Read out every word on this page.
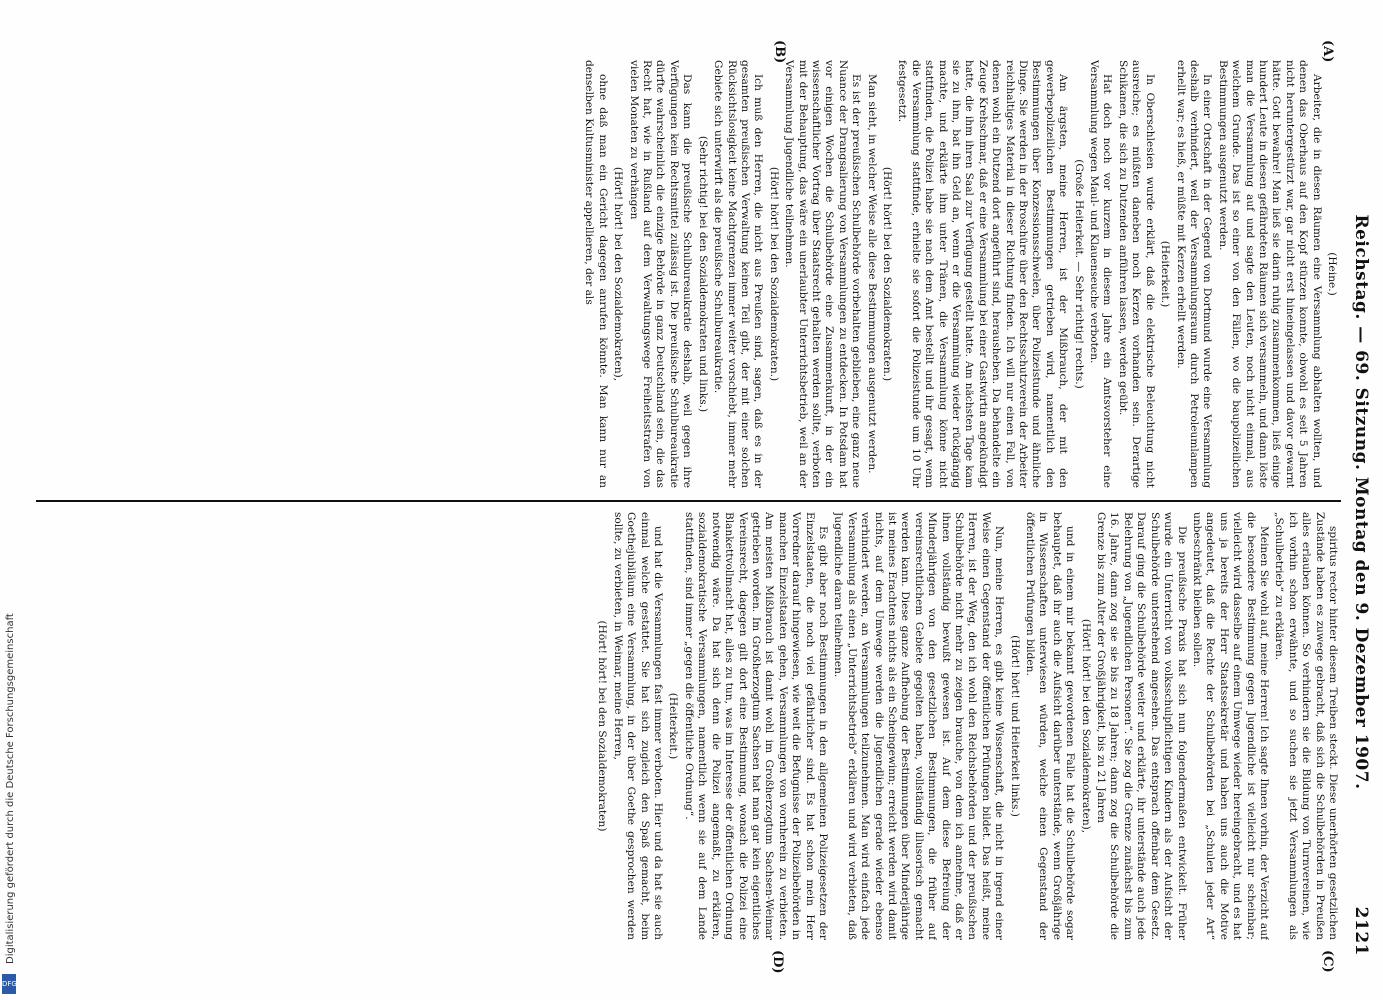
Reichstag. — 69. Sitzung. Montag den 9. Dezember 1907.
2121
(A)
(B)
(C)
(D)

(Heine.)

Arbeiter, die in diesen Räumen eine Versammlung abhalten wollten, und denen das Oberhaus auf den Kopf stürzen konnte, obwohl es seit 5 Jahren nicht heruntergestürzt war, gar nicht erst hineingelassen und davor gewarnt hätte. Gott bewahre! Man ließ sie darin ruhig zusammenkommen, ließ einige hundert Leute in diesen gefährdeten Räumen sich versammeln, und dann löste man die Versammlung auf und sagte den Leuten, noch nicht einmal, aus welchem Grunde. Das ist so einer von den Fällen, wo die baupolizeilichen Bestimmungen ausgenutzt werden.

In einer Ortschaft in der Gegend von Dortmund wurde eine Versammlung deshalb verhindert, weil der Versammlungsraum durch Petroleumlampen erhellt war; es hieß, er müßte mit Kerzen erhellt werden.

(Heiterkeit.)

In Oberschlesien wurde erklärt, daß die elektrische Beleuchtung nicht ausreiche; es müßten daneben noch Kerzen vorhanden sein. Derartige Schikanen, die sich zu Dutzenden anführen lassen, werden geübt.

Hat doch noch vor kurzem in diesem Jahre ein Amtsvorsteher eine Versammlung wegen Maul- und Klauenseuche verboten.

(Große Heiterkeit. — Sehr richtig! rechts.)

Am ärgsten, meine Herren, ist der Mißbrauch, der mit den gewerbepolizeilichen Bestimmungen getrieben wird, namentlich den Bestimmungen über Konzessionsschwelen, über Polizeistunde und ähnliche Dinge. Sie werden in der Broschüre über den Rechtsschutzverein der Arbeiter reichhaltiges Material in dieser Richtung finden. Ich will nur einen Fall, von denen wohl ein Dutzend dort angeführt sind, herausheben. Da behandelte ein Zeuge Krehschmar, daß er eine Versammlung bei einer Gastwirtin angekündigt hatte, die ihm ihren Saal zur Verfügung gestellt hatte. Am nächsten Tage kam sie zu ihm, bat ihn Geld an, wenn er die Versammlung wieder rückgängig machte, und erklärte ihm unter Tränen, die Versammlung könne nicht stattfinden, die Polizei habe sie nach dem Amt bestellt und ihr gesagt, wenn die Versammlung stattfinde, erhielte sie sofort die Polizeistunde um 10 Uhr festgesetzt.

(Hört! hört! bei den Sozialdemokraten.)

Man sieht, in welcher Weise alle diese Bestimmungen ausgenutzt werden.

Es ist der preußischen Schulbehörde vorbehalten geblieben, eine ganz neue Nuance der Drangsalierung von Versammlungen zu entdecken. In Potsdam hat vor einigen Wochen die Schulbehörde eine Zusammenkunft, in der ein wissenschaftlicher Vortrag über Staatsrecht gehalten werden sollte, verboten mit der Behauptung, das wäre ein unerlaubter Unterrichtsbetrieb, weil an der Versammlung Jugendliche teilnehmen.

(Hört! hört! bei den Sozialdemokraten.)

Ich muß den Herren, die nicht aus Preußen sind, sagen, daß es in der gesamten preußischen Verwaltung keinen Teil gibt, der mit einer solchen Rücksichtslosigkeit keine Machtgrenzen immer weiter vorschiebt, immer mehr Gebiete sich unterwirft als die preußische Schulbureaukratie.

(Sehr richtig! bei den Sozialdemokraten und links.)

Das kann die preußische Schulbureaukratie deshalb, weil gegen ihre Verfügungen kein Rechtsmittel zulässig ist. Die preußische Schulbureaukratie dürfte wahrscheinlich die einzige Behörde in ganz Deutschland sein, die das Recht hat, wie in Rußland auf dem Verwaltungswege Freiheitsstrafen von vielen Monaten zu verhängen

(Hört! hört! bei den Sozialdemokraten),

ohne daß man ein Gericht dagegen anrufen könnte. Man kann nur an denselben Kultusminister appellieren, der als

spiritus rector hinter diesem Treiben steckt. Diese unerhörten gesetzlichen Zustände haben es zuwege gebracht, daß sich die Schulbehörden in Preußen alles erlauben können. So verhindern sie die Bildung von Turnvereinen, wie ich vorhin schon erwähnte, und so suchen sie jetzt Versammlungen als „Schulbetrieb“ zu erklären.

Meinen Sie wohl auf, meine Herren! Ich sagte Ihnen vorhin, der Verzicht auf die besondere Bestimmung gegen Jugendliche ist vielleicht nur scheinbar; vielleicht wird dasselbe auf einem Umwege wieder hereingebracht, und es hat uns ja bereits der Herr Staatssekretär und haben uns auch die Motive angedeutet, daß die Rechte der Schulbehörden bei „Schulen jeder Art“ unbeschränkt bleiben sollen.

Die preußische Praxis hat sich nun folgendermaßen entwickelt. Früher wurde ein Unterricht von volksschulpflichtigen Kindern als der Aufsicht der Schulbehörde unterstehend angesehen. Das entsprach offenbar dem Gesetz. Darauf ging die Schulbehörde weiter und erklärte, ihr unterstände auch jede Belehrung von „Jugendlichen Personen“. Sie zog die Grenze zunächst bis zum 16. Jahre, dann zog sie sie bis zu 18 Jahren; dann zog die Schulbehörde die Grenze bis zum Alter der Großjährigkeit, bis zu 21 Jahren

(Hört! hört! bei den Sozialdemokraten),

und in einem mir bekannt gewordenen Falle hat die Schulbehörde sogar behauptet, daß ihr auch die Aufsicht darüber unterstände, wenn Großjährige in Wissenschaften unterwiesen würden, welche einen Gegenstand der öffentlichen Prüfungen bilden.

(Hört! hört! und Heiterkeit links.)

Nun, meine Herren, es gibt keine Wissenschaft, die nicht in irgend einer Weise einen Gegenstand der öffentlichen Prüfungen bildet. Das heißt, meine Herren, ist der Weg, den ich wohl den Reichsbehörden und der preußischen Schulbehörde nicht mehr zu zeigen brauche, von dem ich annehme, daß er ihnen vollständig bewußt gewesen ist. Auf dem diese Befreiung der Minderjährigen von den gesetzlichen Bestimmungen, die früher auf vereinsrechtlichem Gebiete gegolten haben, vollständig illusorisch gemacht werden kann. Diese ganze Aufhebung der Bestimmungen über Minderjährige ist meines Erachtens nichts als ein Scheingewinn; erreicht werden wird damit nichts, auf dem Umwege werden die Jugendlichen gerade wieder ebenso verhindert werden, an Versammlungen teilzunehmen. Man wird einfach jede Versammlung als einen „Unterrichtsbetrieb“ erklären und wird verbieten, daß Jugendliche daran teilnehmen.

Es gibt aber noch Bestimmungen in den allgemeinen Polizeigesetzen der Einzelstaaten, die noch viel gefährlicher sind. Es hat schon mein Herr Vorredner darauf hingewiesen, wie weit die Befugnisse der Polizeibehörden in manchen Einzelstaaten gehen, Versammlungen von vornherein zu verbieten. Am meisten Mißbrauch ist damit wohl im Großherzogtum Sachsen-Weimar getrieben worden. Im Großherzogtum Sachsen hat man gar kein eigentliches Vereinsrecht, dagegen gilt dort eine Bestimmung, wonach die Polizei eine Blankettvollmacht hat, alles zu tun, was im Interesse der öffentlichen Ordnung notwendig wäre. Da hat sich denn die Polizei angemaßt, zu erklären, sozialdemokratische Versammlungen, namentlich wenn sie auf dem Lande stattfinden, sind immer „gegen die öffentliche Ordnung“.

(Heiterkeit.)

und hat die Versammlungen fast immer verboten. Hier und da hat sie auch einmal welche gestattet. Sie hat sich zugleich den Spaß gemacht, beim Goethejubiläum eine Versammlung, in der über Goethe gesprochen werden sollte, zu verbieten, in Weimar, meine Herren,

(Hört! hört! bei den Sozialdemokraten)

Digitalisierung gefördert durch die Deutsche Forschungsgemeinschaft
DFG
